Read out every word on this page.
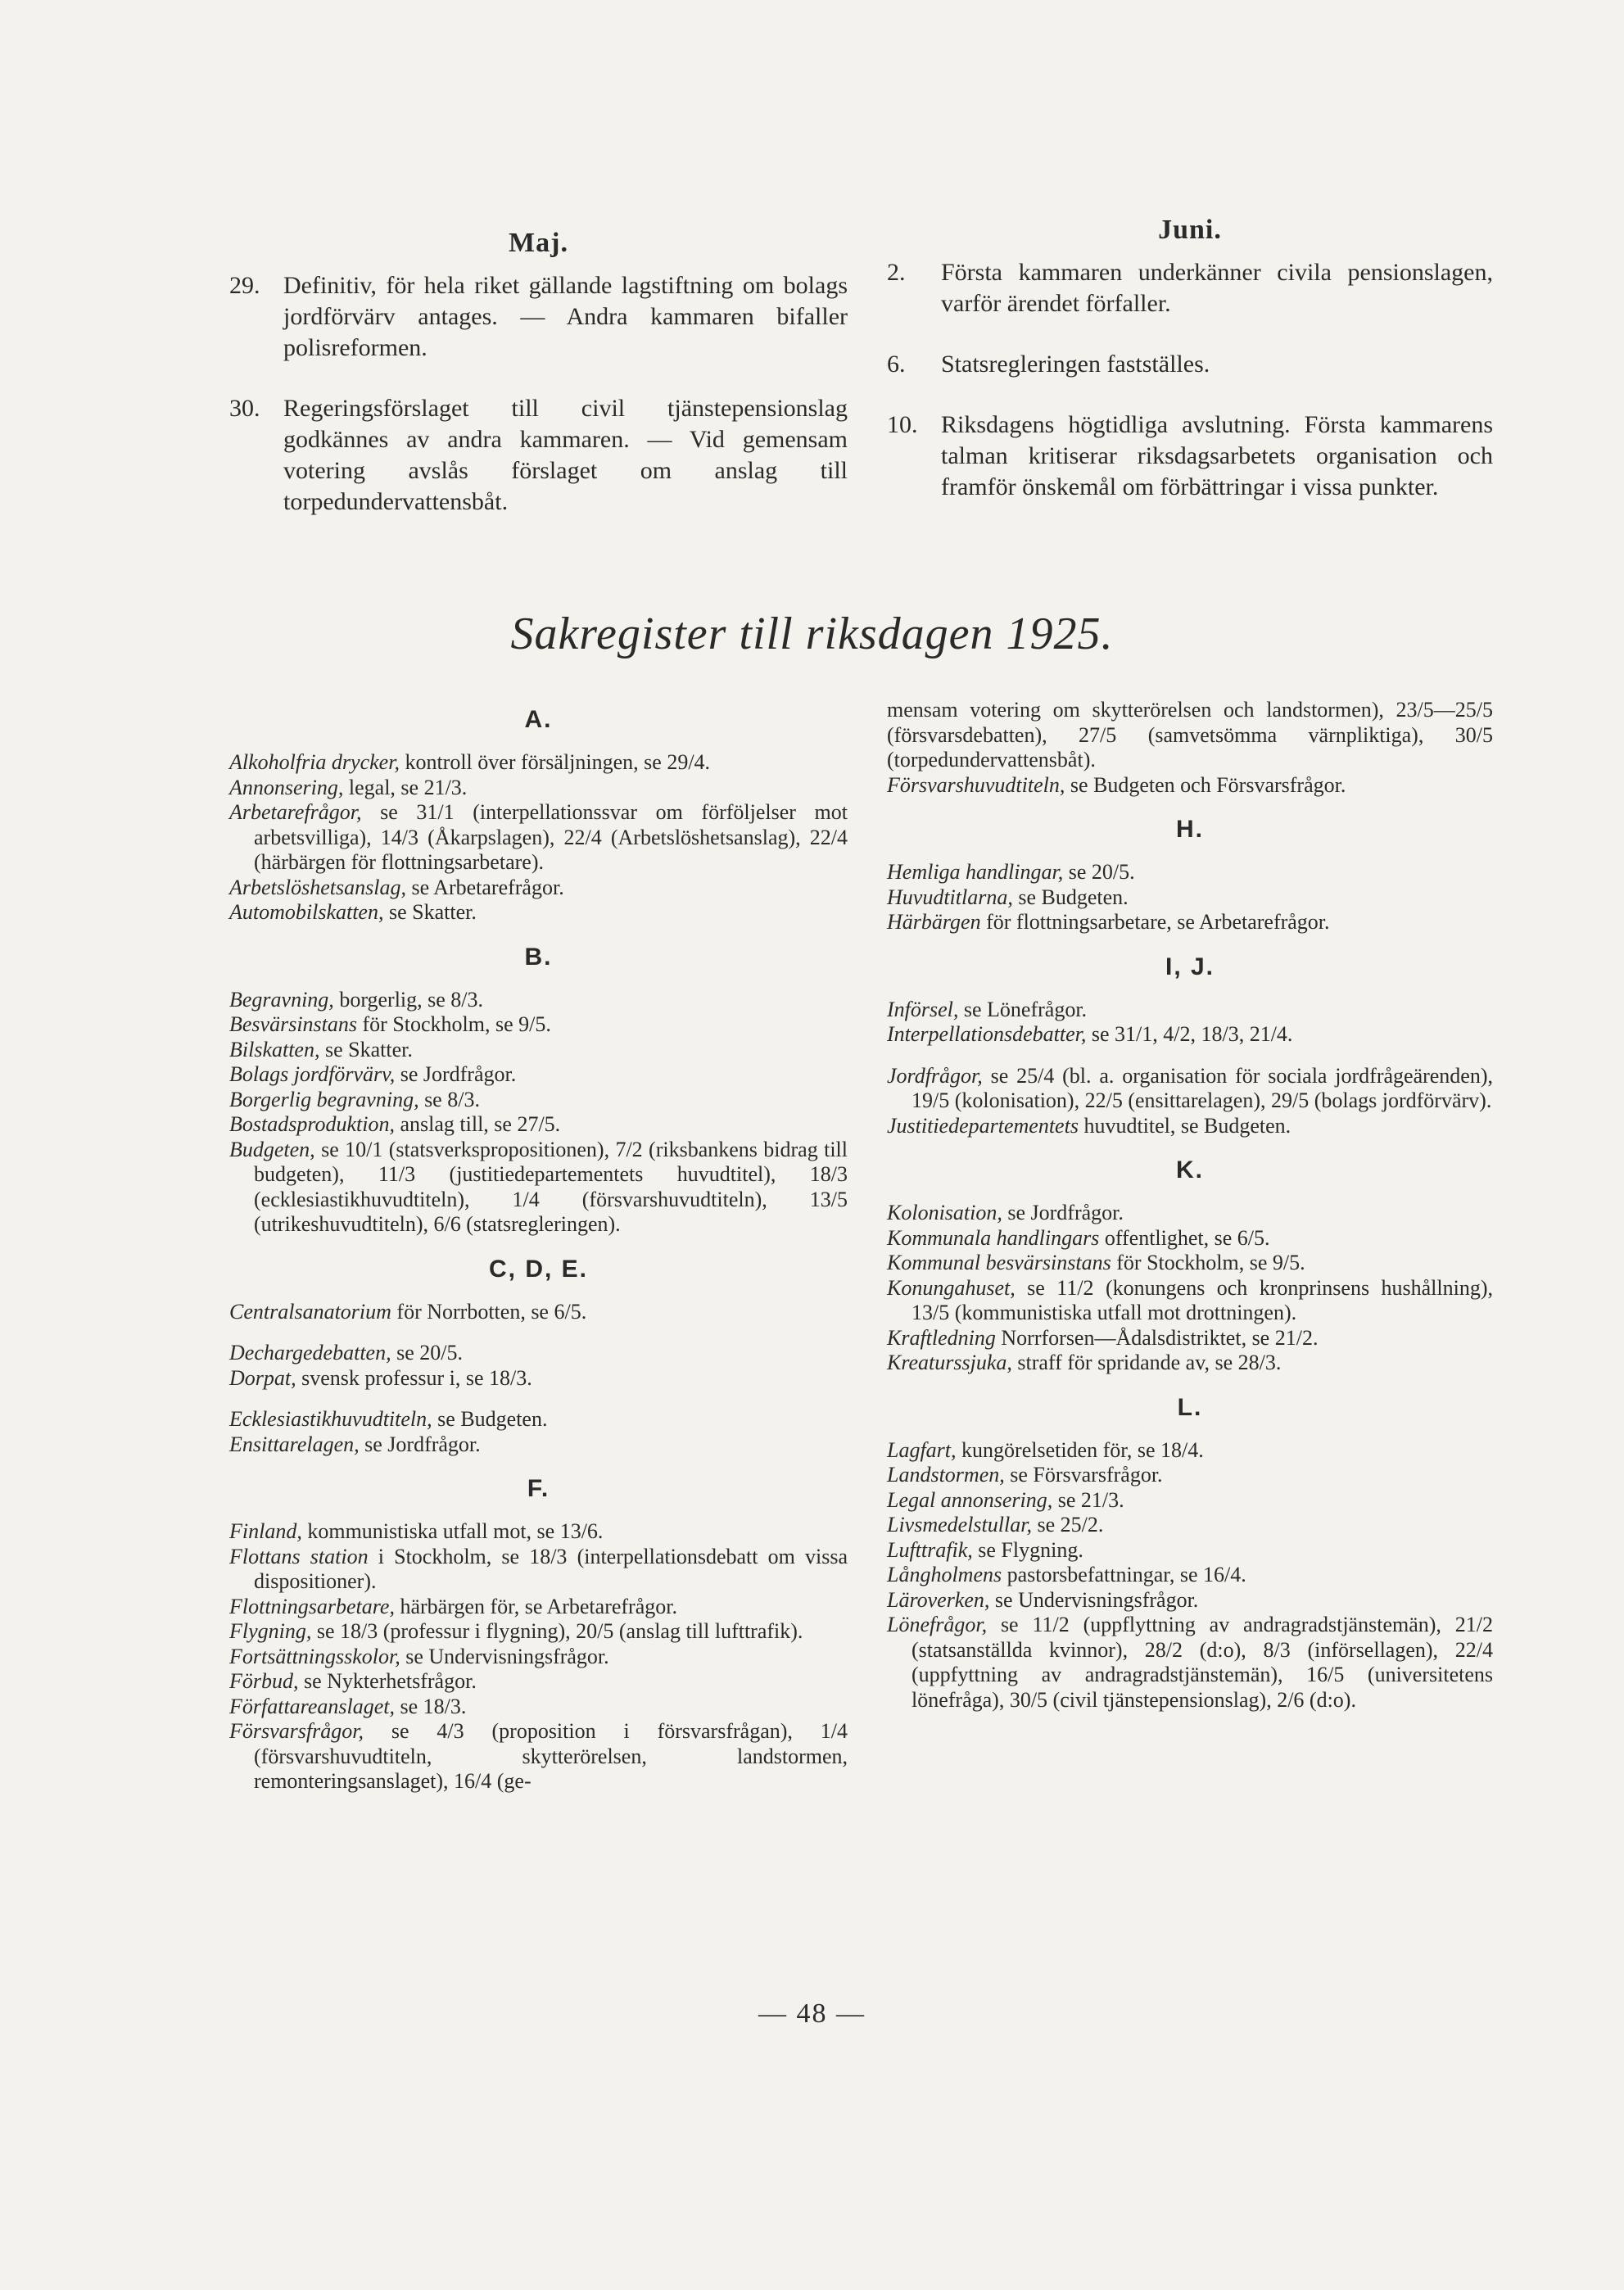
Maj.
29. Definitiv, för hela riket gällande lagstiftning om bolags jordförvärv antages. — Andra kammaren bifaller polisreformen.
30. Regeringsförslaget till civil tjänstepensionslag godkännes av andra kammaren. — Vid gemensam votering avslås förslaget om anslag till torpedundervattensbåt.
Juni.
2. Första kammaren underkänner civila pensionslagen, varför ärendet förfaller.
6. Statsregleringen fastställes.
10. Riksdagens högtidliga avslutning. Första kammarens talman kritiserar riksdagsarbetets organisation och framför önskemål om förbättringar i vissa punkter.
Sakregister till riksdagen 1925.
A.

Alkoholfria drycker, kontroll över försäljningen, se 29/4.

Annonsering, legal, se 21/3.

Arbetarefrågor, se 31/1 (interpellationssvar om förföljelser mot arbetsvilliga), 14/3 (Åkarpslagen), 22/4 (Arbetslöshetsanslag), 22/4 (härbärgen för flottningsarbetare).

Arbetslöshetsanslag, se Arbetarefrågor.

Automobilskatten, se Skatter.

B.

Begravning, borgerlig, se 8/3.

Besvärsinstans för Stockholm, se 9/5.

Bilskatten, se Skatter.

Bolags jordförvärv, se Jordfrågor.

Borgerlig begravning, se 8/3.

Bostadsproduktion, anslag till, se 27/5.

Budgeten, se 10/1 (statsverkspropositionen), 7/2 (riksbankens bidrag till budgeten), 11/3 (justitiedepartementets huvudtitel), 18/3 (ecklesiastikhuvudtiteln), 1/4 (försvarshuvudtiteln), 13/5 (utrikeshuvudtiteln), 6/6 (statsregleringen).

C, D, E.

Centralsanatorium för Norrbotten, se 6/5.

Dechargedebatten, se 20/5.

Dorpat, svensk professur i, se 18/3.

Ecklesiastikhuvudtiteln, se Budgeten.

Ensittarelagen, se Jordfrågor.

F.

Finland, kommunistiska utfall mot, se 13/6.

Flottans station i Stockholm, se 18/3 (interpellationsdebatt om vissa dispositioner).

Flottningsarbetare, härbärgen för, se Arbetarefrågor.

Flygning, se 18/3 (professur i flygning), 20/5 (anslag till lufttrafik).

Fortsättningsskolor, se Undervisningsfrågor.

Förbud, se Nykterhetsfrågor.

Författareanslaget, se 18/3.

Försvarsfrågor, se 4/3 (proposition i försvarsfrågan), 1/4 (försvarshuvudtiteln, skytterörelsen, landstormen, remonteringsanslaget), 16/4 (ge-

mensam votering om skytterörelsen och landstormen), 23/5—25/5 (försvarsdebatten), 27/5 (samvetsömma värnpliktiga), 30/5 (torpedundervattensbåt).

Försvarshuvudtiteln, se Budgeten och Försvarsfrågor.

H.

Hemliga handlingar, se 20/5.

Huvudtitlarna, se Budgeten.

Härbärgen för flottningsarbetare, se Arbetarefrågor.

I, J.

Införsel, se Lönefrågor.

Interpellationsdebatter, se 31/1, 4/2, 18/3, 21/4.

Jordfrågor, se 25/4 (bl. a. organisation för sociala jordfrågeärenden), 19/5 (kolonisation), 22/5 (ensittarelagen), 29/5 (bolags jordförvärv).

Justitiedepartementets huvudtitel, se Budgeten.

K.

Kolonisation, se Jordfrågor.

Kommunala handlingars offentlighet, se 6/5.

Kommunal besvärsinstans för Stockholm, se 9/5.

Konungahuset, se 11/2 (konungens och kronprinsens hushållning), 13/5 (kommunistiska utfall mot drottningen).

Kraftledning Norrforsen—Ådalsdistriktet, se 21/2.

Kreaturssjuka, straff för spridande av, se 28/3.

L.

Lagfart, kungörelsetiden för, se 18/4.

Landstormen, se Försvarsfrågor.

Legal annonsering, se 21/3.

Livsmedelstullar, se 25/2.

Lufttrafik, se Flygning.

Långholmens pastorsbefattningar, se 16/4.

Läroverken, se Undervisningsfrågor.

Lönefrågor, se 11/2 (uppflyttning av andragradstjänstemän), 21/2 (statsanställda kvinnor), 28/2 (d:o), 8/3 (införsellagen), 22/4 (uppfyttning av andragradstjänstemän), 16/5 (universitetens lönefråga), 30/5 (civil tjänstepensionslag), 2/6 (d:o).

— 48 —
